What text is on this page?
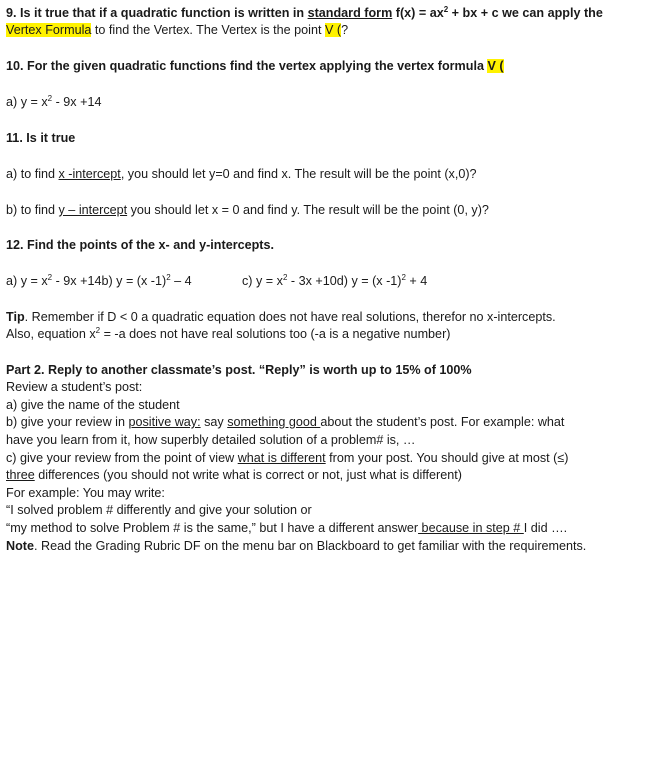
9. Is it true that if a quadratic function is written in standard form $f(x) = ax^2$ + bx + c we can apply the
Vertex Formula to find the Vertex. The Vertex is the point V (?
10. For the given quadratic functions find the vertex applying the vertex formula V (
a) $y = x^2 - 9x +14$
11. Is it true
a) to find x -intercept, you should let y=0 and find x. The result will be the point (x,0)?
b) to find y – intercept you should let x = 0 and find y. The result will be the point (0, y)?
12. Find the points of the x- and y-intercepts.
a) $y = x^2 - 9x +14b$) y = (x -1)$^2$ – 4	c) $y = x^2 - 3x +10d$) y = (x -1)$^2$ + 4
Tip. Remember if D < 0 a quadratic equation does not have real solutions, therefor no x-intercepts.
Also, equation $x^2 = -a$ does not have real solutions too (-a is a negative number)
Part 2. Reply to another classmate’s post. “Reply” is worth up to 15% of 100%
Review a student’s post:
a) give the name of the student
b) give your review in positive way: say something good about the student’s post. For example: what
have you learn from it, how superbly detailed solution of a problem# is, …
c) give your review from the point of view what is different from your post. You should give at most (≤)
three differences (you should not write what is correct or not, just what is different)
For example: You may write:
“I solved problem # differently and give your solution or
“my method to solve Problem # is the same,” but I have a different answer because in step # I did ….
Note. Read the Grading Rubric DF on the menu bar on Blackboard to get familiar with the requirements.
